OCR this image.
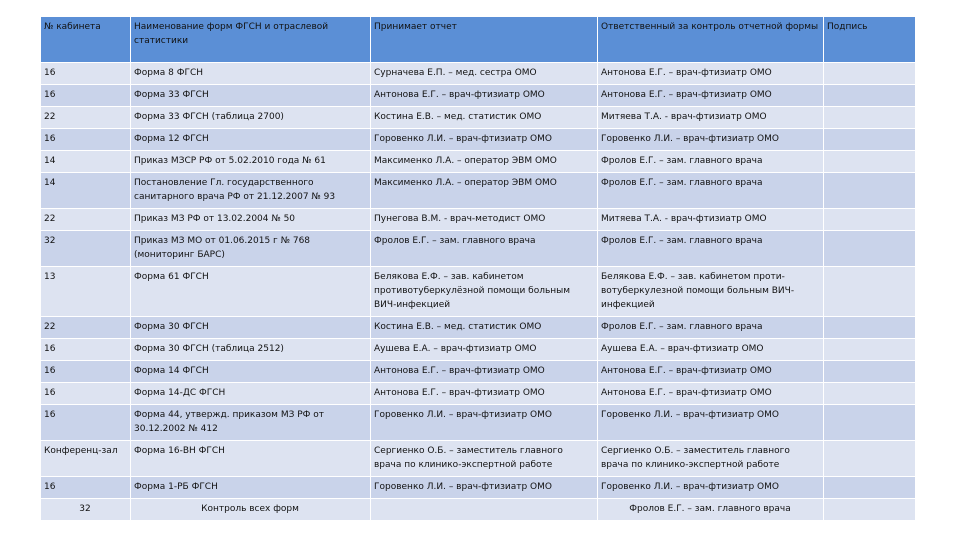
№ кабинета	Наименование форм ФГСН и отраслевой статистики	Принимает отчет	Ответственный за контроль отчетной формы	Подпись
16	Форма 8 ФГСН	Сурначева Е.П. – мед. сестра ОМО	Антонова Е.Г. – врач-фтизиатр ОМО	
16	Форма 33 ФГСН	Антонова Е.Г. – врач-фтизиатр ОМО	Антонова Е.Г. – врач-фтизиатр ОМО	
22	Форма 33 ФГСН (таблица 2700)	Костина Е.В. – мед. статистик ОМО	Митяева Т.А. - врач-фтизиатр ОМО	
16	Форма 12 ФГСН	Горовенко Л.И. – врач-фтизиатр ОМО	Горовенко Л.И. – врач-фтизиатр ОМО	
14	Приказ МЗСР РФ от 5.02.2010 года № 61	Максименко Л.А. – оператор ЭВМ ОМО	Фролов Е.Г. – зам. главного врача	
14	Постановление Гл. государственного санитарного врача РФ от 21.12.2007 № 93	Максименко Л.А. – оператор ЭВМ ОМО	Фролов Е.Г. – зам. главного врача	
22	Приказ МЗ РФ от 13.02.2004 № 50	Пунегова В.М. - врач-методист ОМО	Митяева Т.А. - врач-фтизиатр ОМО	
32	Приказ МЗ МО от 01.06.2015 г № 768 (мониторинг БАРС)	Фролов Е.Г. – зам. главного врача	Фролов Е.Г. – зам. главного врача	
13	Форма 61 ФГСН	Белякова Е.Ф. – зав. кабинетом противотуберкулёзной помощи больным ВИЧ-инфекцией	Белякова Е.Ф. – зав. кабинетом проти-вотуберкулезной помощи больным ВИЧ-инфекцией	
22	Форма 30 ФГСН	Костина Е.В. – мед. статистик ОМО	Фролов Е.Г. – зам. главного врача	
16	Форма 30 ФГСН (таблица 2512)	Аушева Е.А. – врач-фтизиатр ОМО	Аушева Е.А. – врач-фтизиатр ОМО	
16	Форма 14 ФГСН	Антонова Е.Г. – врач-фтизиатр ОМО	Антонова Е.Г. – врач-фтизиатр ОМО	
16	Форма 14-ДС ФГСН	Антонова Е.Г. – врач-фтизиатр ОМО	Антонова Е.Г. – врач-фтизиатр ОМО	
16	Форма 44, утвержд. приказом МЗ РФ от 30.12.2002 № 412	Горовенко Л.И. – врач-фтизиатр ОМО	Горовенко Л.И. – врач-фтизиатр ОМО	
Конференц-зал	Форма 16-ВН ФГСН	Сергиенко О.Б. – заместитель главного врача по клинико-экспертной работе	Сергиенко О.Б. – заместитель главного врача по клинико-экспертной работе	
16	Форма 1-РБ ФГСН	Горовенко Л.И. – врач-фтизиатр ОМО	Горовенко Л.И. – врач-фтизиатр ОМО	
32	Контроль всех форм		Фролов Е.Г. – зам. главного врача	
